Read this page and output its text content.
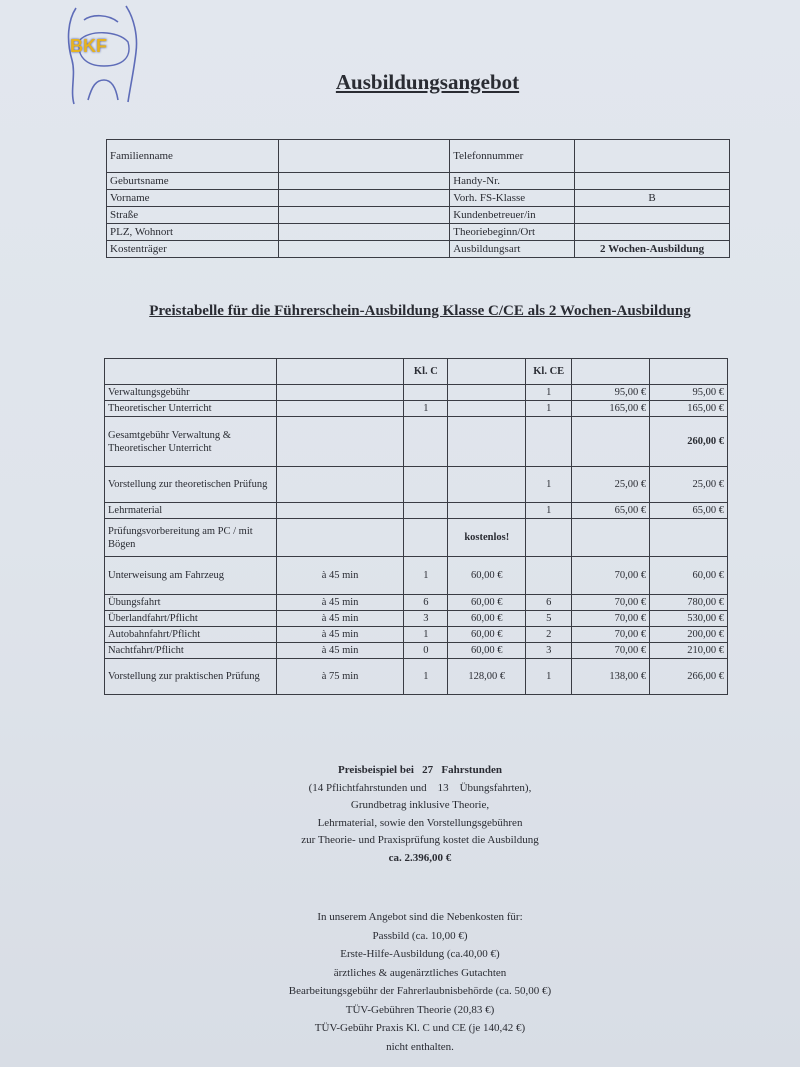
BKF
Ausbildungsangebot
Familienname		Telefonnummer	
Geburtsname		Handy-Nr.	
Vorname		Vorh. FS-Klasse	B
Straße		Kundenbetreuer/in	
PLZ, Wohnort		Theoriebeginn/Ort	
Kostenträger		Ausbildungsart	2 Wochen-Ausbildung
Preistabelle für die Führerschein-Ausbildung Klasse C/CE als 2 Wochen-Ausbildung
		Kl. C		Kl. CE		
Verwaltungsgebühr				1	95,00 €	95,00 €
Theoretischer Unterricht		1		1	165,00 €	165,00 €
Gesamtgebühr Verwaltung & Theoretischer Unterricht						260,00 €
Vorstellung zur theoretischen Prüfung				1	25,00 €	25,00 €
Lehrmaterial				1	65,00 €	65,00 €
Prüfungsvorbereitung am PC / mit Bögen			kostenlos!			
Unterweisung am Fahrzeug	à 45 min	1	60,00 €		70,00 €	60,00 €
Übungsfahrt	à 45 min	6	60,00 €	6	70,00 €	780,00 €
Überlandfahrt/Pflicht	à 45 min	3	60,00 €	5	70,00 €	530,00 €
Autobahnfahrt/Pflicht	à 45 min	1	60,00 €	2	70,00 €	200,00 €
Nachtfahrt/Pflicht	à 45 min	0	60,00 €	3	70,00 €	210,00 €
Vorstellung zur praktischen Prüfung	à 75 min	1	128,00 €	1	138,00 €	266,00 €
Preisbeispiel bei 27 Fahrstunden
(14 Pflichtfahrstunden und    13    Übungsfahrten),
Grundbetrag inklusive Theorie,
Lehrmaterial, sowie den Vorstellungsgebühren
zur Theorie- und Praxisprüfung kostet die Ausbildung
ca. 2.396,00 €
In unserem Angebot sind die Nebenkosten für:
Passbild (ca. 10,00 €)
Erste-Hilfe-Ausbildung (ca.40,00 €)
ärztliches & augenärztliches Gutachten
Bearbeitungsgebühr der Fahrerlaubnisbehörde (ca. 50,00 €)
TÜV-Gebühren Theorie (20,83 €)
TÜV-Gebühr Praxis Kl. C und CE (je 140,42 €)
nicht enthalten.
